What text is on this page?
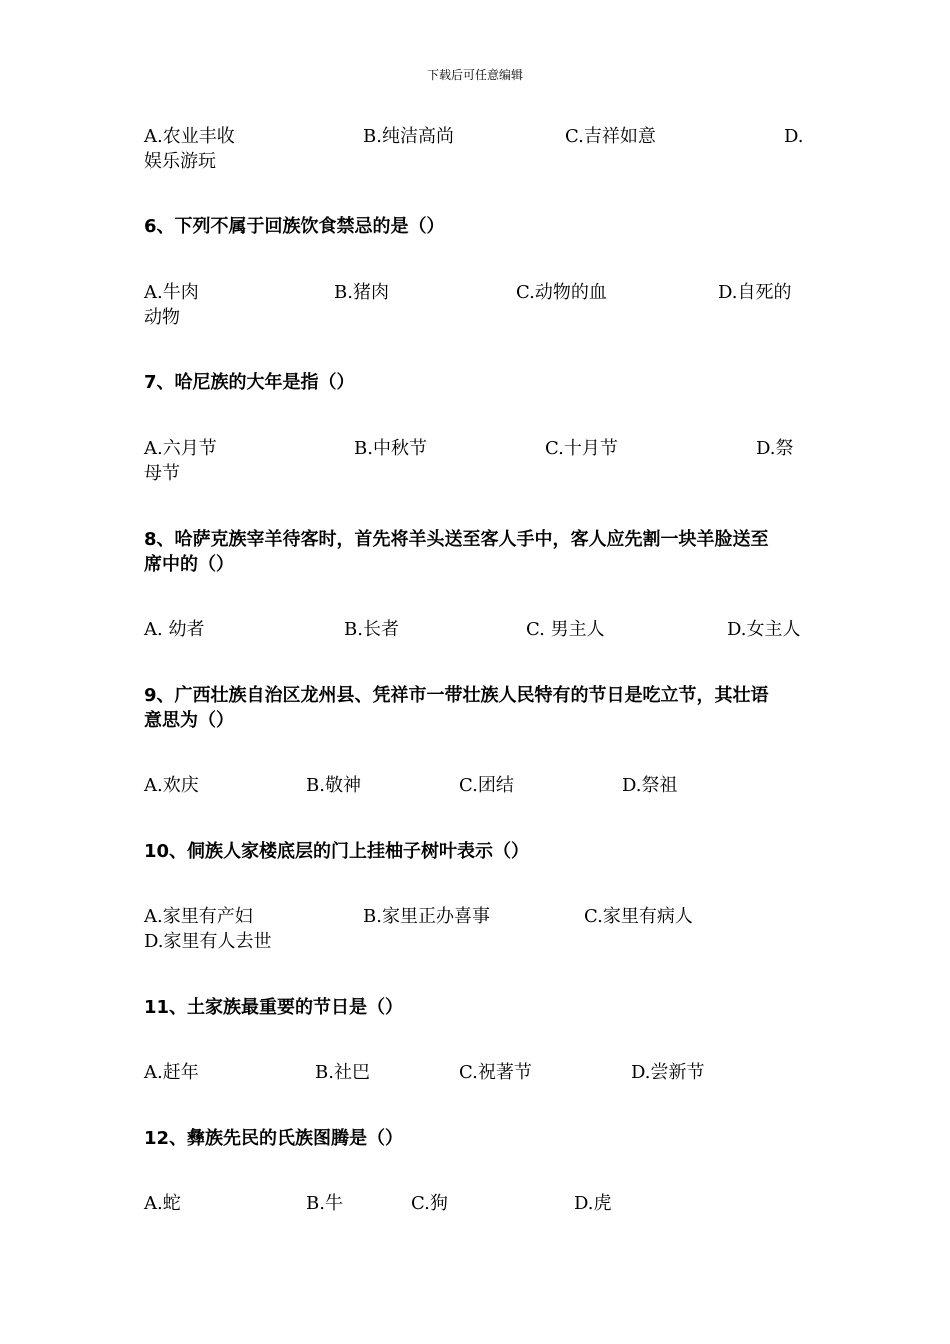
下载后可任意编辑
A.农业丰收	B.纯洁高尚	C.吉祥如意	D.
娱乐游玩
6、下列不属于回族饮食禁忌的是（）
A.牛肉	B.猪肉	C.动物的血	D.自死的
动物
7、哈尼族的大年是指（）
A.六月节	B.中秋节	C.十月节	D.祭
母节
8、哈萨克族宰羊待客时，首先将羊头送至客人手中，客人应先割一块羊脸送至
席中的（）
A. 幼者	B.长者	C. 男主人	D.女主人
9、广西壮族自治区龙州县、凭祥市一带壮族人民特有的节日是吃立节，其壮语
意思为（）
A.欢庆	B.敬神	C.团结	D.祭祖
10、侗族人家楼底层的门上挂柚子树叶表示（）
A.家里有产妇	B.家里正办喜事	C.家里有病人
D.家里有人去世
11、土家族最重要的节日是（）
A.赶年	B.社巴	C.祝著节	D.尝新节
12、彝族先民的氏族图腾是（）
A.蛇	B.牛	C.狗	D.虎
